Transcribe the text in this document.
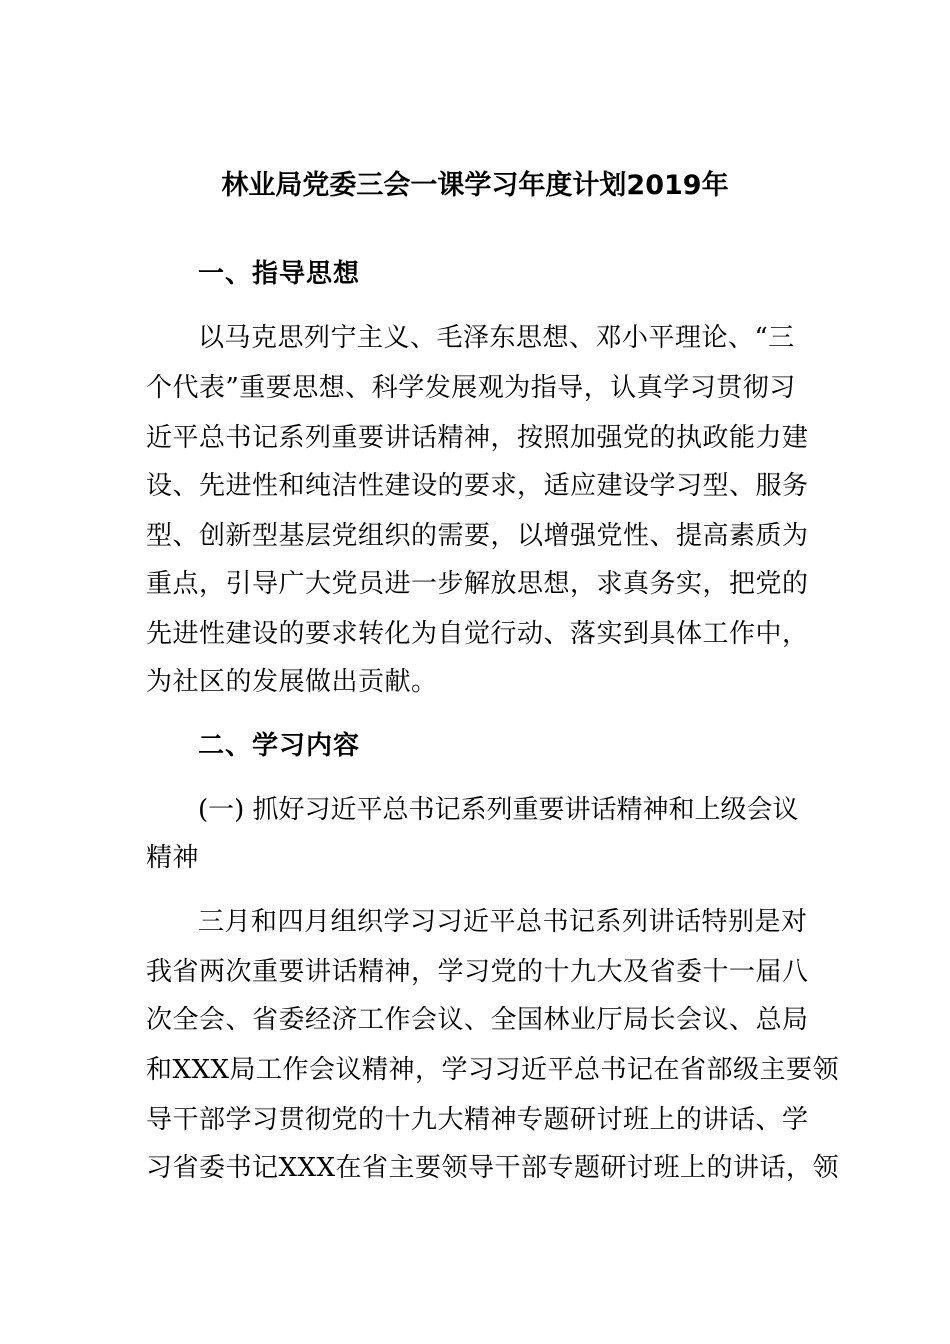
林业局党委三会一课学习年度计划2019年
一、指导思想
以马克思列宁主义、毛泽东思想、邓小平理论、“三
个代表”重要思想、科学发展观为指导，认真学习贯彻习
近平总书记系列重要讲话精神，按照加强党的执政能力建
设、先进性和纯洁性建设的要求，适应建设学习型、服务
型、创新型基层党组织的需要，以增强党性、提高素质为
重点，引导广大党员进一步解放思想，求真务实，把党的
先进性建设的要求转化为自觉行动、落实到具体工作中，
为社区的发展做出贡献。
二、学习内容
(一) 抓好习近平总书记系列重要讲话精神和上级会议
精神
三月和四月组织学习习近平总书记系列讲话特别是对
我省两次重要讲话精神，学习党的十九大及省委十一届八
次全会、省委经济工作会议、全国林业厅局长会议、总局
和XXX局工作会议精神，学习习近平总书记在省部级主要领
导干部学习贯彻党的十九大精神专题研讨班上的讲话、学
习省委书记XXX在省主要领导干部专题研讨班上的讲话，领
